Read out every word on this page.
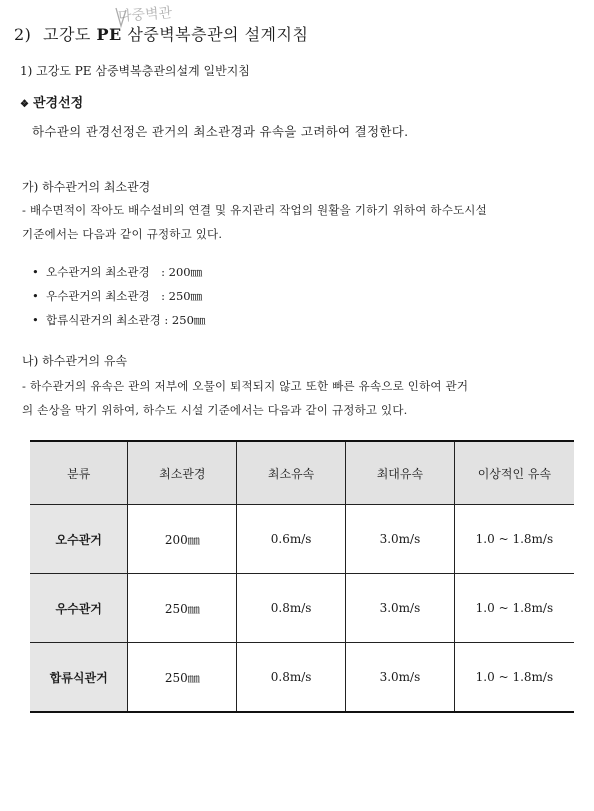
다중벽관
2) 고강도 PE 삼중벽복층관의 설계지침
1) 고강도 PE 삼중벽복층관의설계 일반지침
❖ 관경선정
하수관의 관경선정은 관거의 최소관경과 유속을 고려하여 결정한다.
가) 하수관거의 최소관경
- 배수면적이 작아도 배수설비의 연결 및 유지관리 작업의 원활을 기하기 위하여 하수도시설
기준에서는 다음과 같이 규정하고 있다.
• 오수관거의 최소관경　: 200㎜
• 우수관거의 최소관경　: 250㎜
• 합류식관거의 최소관경 : 250㎜
나) 하수관거의 유속
- 하수관거의 유속은 관의 저부에 오물이 퇴적되지 않고 또한 빠른 유속으로 인하여 관거
의 손상을 막기 위하여, 하수도 시설 기준에서는 다음과 같이 규정하고 있다.
분류	최소관경	최소유속	최대유속	이상적인 유속
오수관거	200㎜	0.6m/s	3.0m/s	1.0 ~ 1.8m/s
우수관거	250㎜	0.8m/s	3.0m/s	1.0 ~ 1.8m/s
합류식관거	250㎜	0.8m/s	3.0m/s	1.0 ~ 1.8m/s
